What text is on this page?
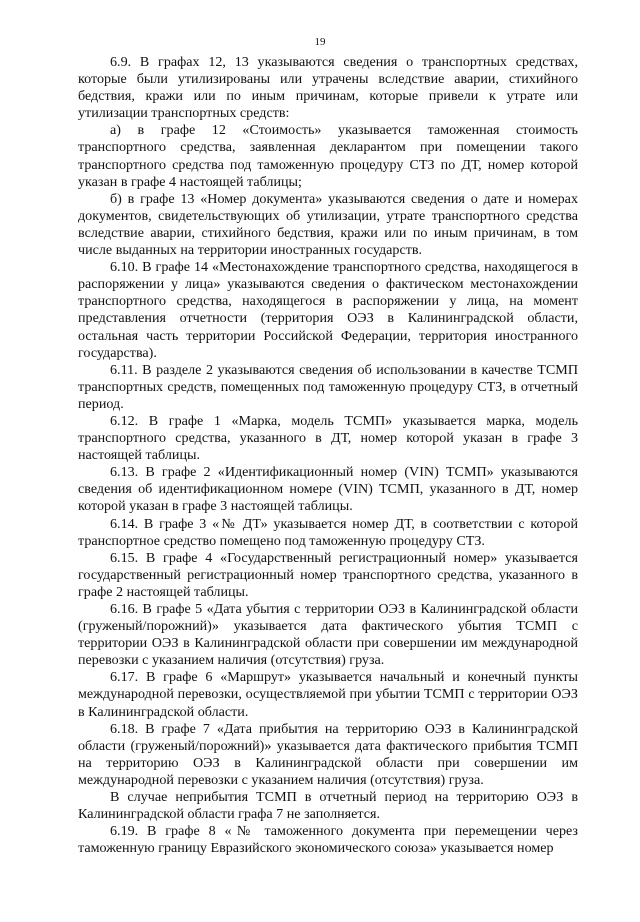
19

6.9. В графах 12, 13 указываются сведения о транспортных средствах, которые были утилизированы или утрачены вследствие аварии, стихийного бедствия, кражи или по иным причинам, которые привели к утрате или утилизации транспортных средств:

а) в графе 12 «Стоимость» указывается таможенная стоимость транспортного средства, заявленная декларантом при помещении такого транспортного средства под таможенную процедуру СТЗ по ДТ, номер которой указан в графе 4 настоящей таблицы;

б) в графе 13 «Номер документа» указываются сведения о дате и номерах документов, свидетельствующих об утилизации, утрате транспортного средства вследствие аварии, стихийного бедствия, кражи или по иным причинам, в том числе выданных на территории иностранных государств.

6.10. В графе 14 «Местонахождение транспортного средства, находящегося в распоряжении у лица» указываются сведения о фактическом местонахождении транспортного средства, находящегося в распоряжении у лица, на момент представления отчетности (территория ОЭЗ в Калининградской области, остальная часть территории Российской Федерации, территория иностранного государства).

6.11. В разделе 2 указываются сведения об использовании в качестве ТСМП транспортных средств, помещенных под таможенную процедуру СТЗ, в отчетный период.

6.12. В графе 1 «Марка, модель ТСМП» указывается марка, модель транспортного средства, указанного в ДТ, номер которой указан в графе 3 настоящей таблицы.

6.13. В графе 2 «Идентификационный номер (VIN) ТСМП» указываются сведения об идентификационном номере (VIN) ТСМП, указанного в ДТ, номер которой указан в графе 3 настоящей таблицы.

6.14. В графе 3 «№ ДТ» указывается номер ДТ, в соответствии с которой транспортное средство помещено под таможенную процедуру СТЗ.

6.15. В графе 4 «Государственный регистрационный номер» указывается государственный регистрационный номер транспортного средства, указанного в графе 2 настоящей таблицы.

6.16. В графе 5 «Дата убытия с территории ОЭЗ в Калининградской области (груженый/порожний)» указывается дата фактического убытия ТСМП с территории ОЭЗ в Калининградской области при совершении им международной перевозки с указанием наличия (отсутствия) груза.

6.17. В графе 6 «Маршрут» указывается начальный и конечный пункты международной перевозки, осуществляемой при убытии ТСМП с территории ОЭЗ в Калининградской области.

6.18. В графе 7 «Дата прибытия на территорию ОЭЗ в Калининградской области (груженый/порожний)» указывается дата фактического прибытия ТСМП на территорию ОЭЗ в Калининградской области при совершении им международной перевозки с указанием наличия (отсутствия) груза.

В случае неприбытия ТСМП в отчетный период на территорию ОЭЗ в Калининградской области графа 7 не заполняется.

6.19. В графе 8 «№ таможенного документа при перемещении через таможенную границу Евразийского экономического союза» указывается номер
